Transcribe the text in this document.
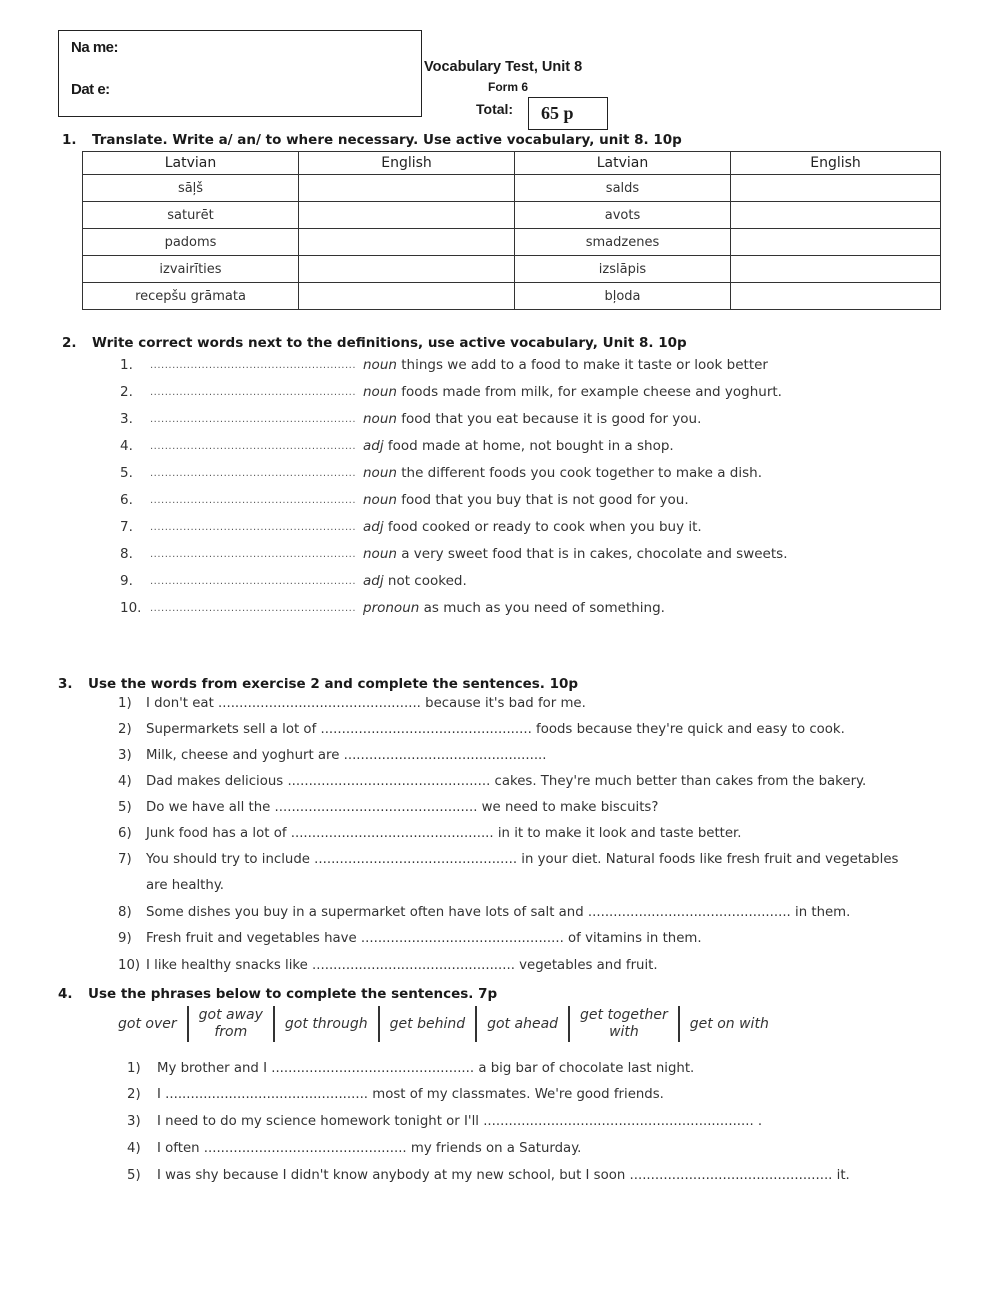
Na me:
Dat e:
Vocabulary Test, Unit 8
Form 6
Total:	65 p
1. Translate. Write a/ an/ to where necessary. Use active vocabulary, unit 8. 10p
Latvian	English	Latvian	English
sāļš		salds	
saturēt		avots	
padoms		smadzenes	
izvairīties		izslāpis	
recepšu grāmata		bļoda	
2. Write correct words next to the definitions, use active vocabulary, Unit 8. 10p
1.	........................................................ noun things we add to a food to make it taste or look better
2.	........................................................ noun foods made from milk, for example cheese and yoghurt.
3.	........................................................ noun food that you eat because it is good for you.
4.	........................................................ adj food made at home, not bought in a shop.
5.	........................................................ noun the different foods you cook together to make a dish.
6.	........................................................ noun food that you buy that is not good for you.
7.	........................................................ adj food cooked or ready to cook when you buy it.
8.	........................................................ noun a very sweet food that is in cakes, chocolate and sweets.
9.	........................................................ adj not cooked.
10. ........................................................ pronoun as much as you need of something.
3. Use the words from exercise 2 and complete the sentences. 10p
1) I don't eat ................................................ because it's bad for me.
2) Supermarkets sell a lot of .................................................. foods because they're quick and easy to cook.
3) Milk, cheese and yoghurt are ................................................
4) Dad makes delicious ................................................ cakes. They're much better than cakes from the bakery.
5) Do we have all the ................................................ we need to make biscuits?
6) Junk food has a lot of ................................................ in it to make it look and taste better.
7) You should try to include ................................................ in your diet. Natural foods like fresh fruit and vegetables
are healthy.
8) Some dishes you buy in a supermarket often have lots of salt and ................................................ in them.
9) Fresh fruit and vegetables have ................................................ of vitamins in them.
10) I like healthy snacks like ................................................ vegetables and fruit.
4. Use the phrases below to complete the sentences. 7p
got over
got away
from
got through get behind got ahead
get together
with
get on with
1) My brother and I ................................................ a big bar of chocolate last night.
2) I ................................................ most of my classmates. We're good friends.
3) I need to do my science homework tonight or I'll ................................................................ .
4) I often ................................................ my friends on a Saturday.
5) I was shy because I didn't know anybody at my new school, but I soon ................................................ it.
